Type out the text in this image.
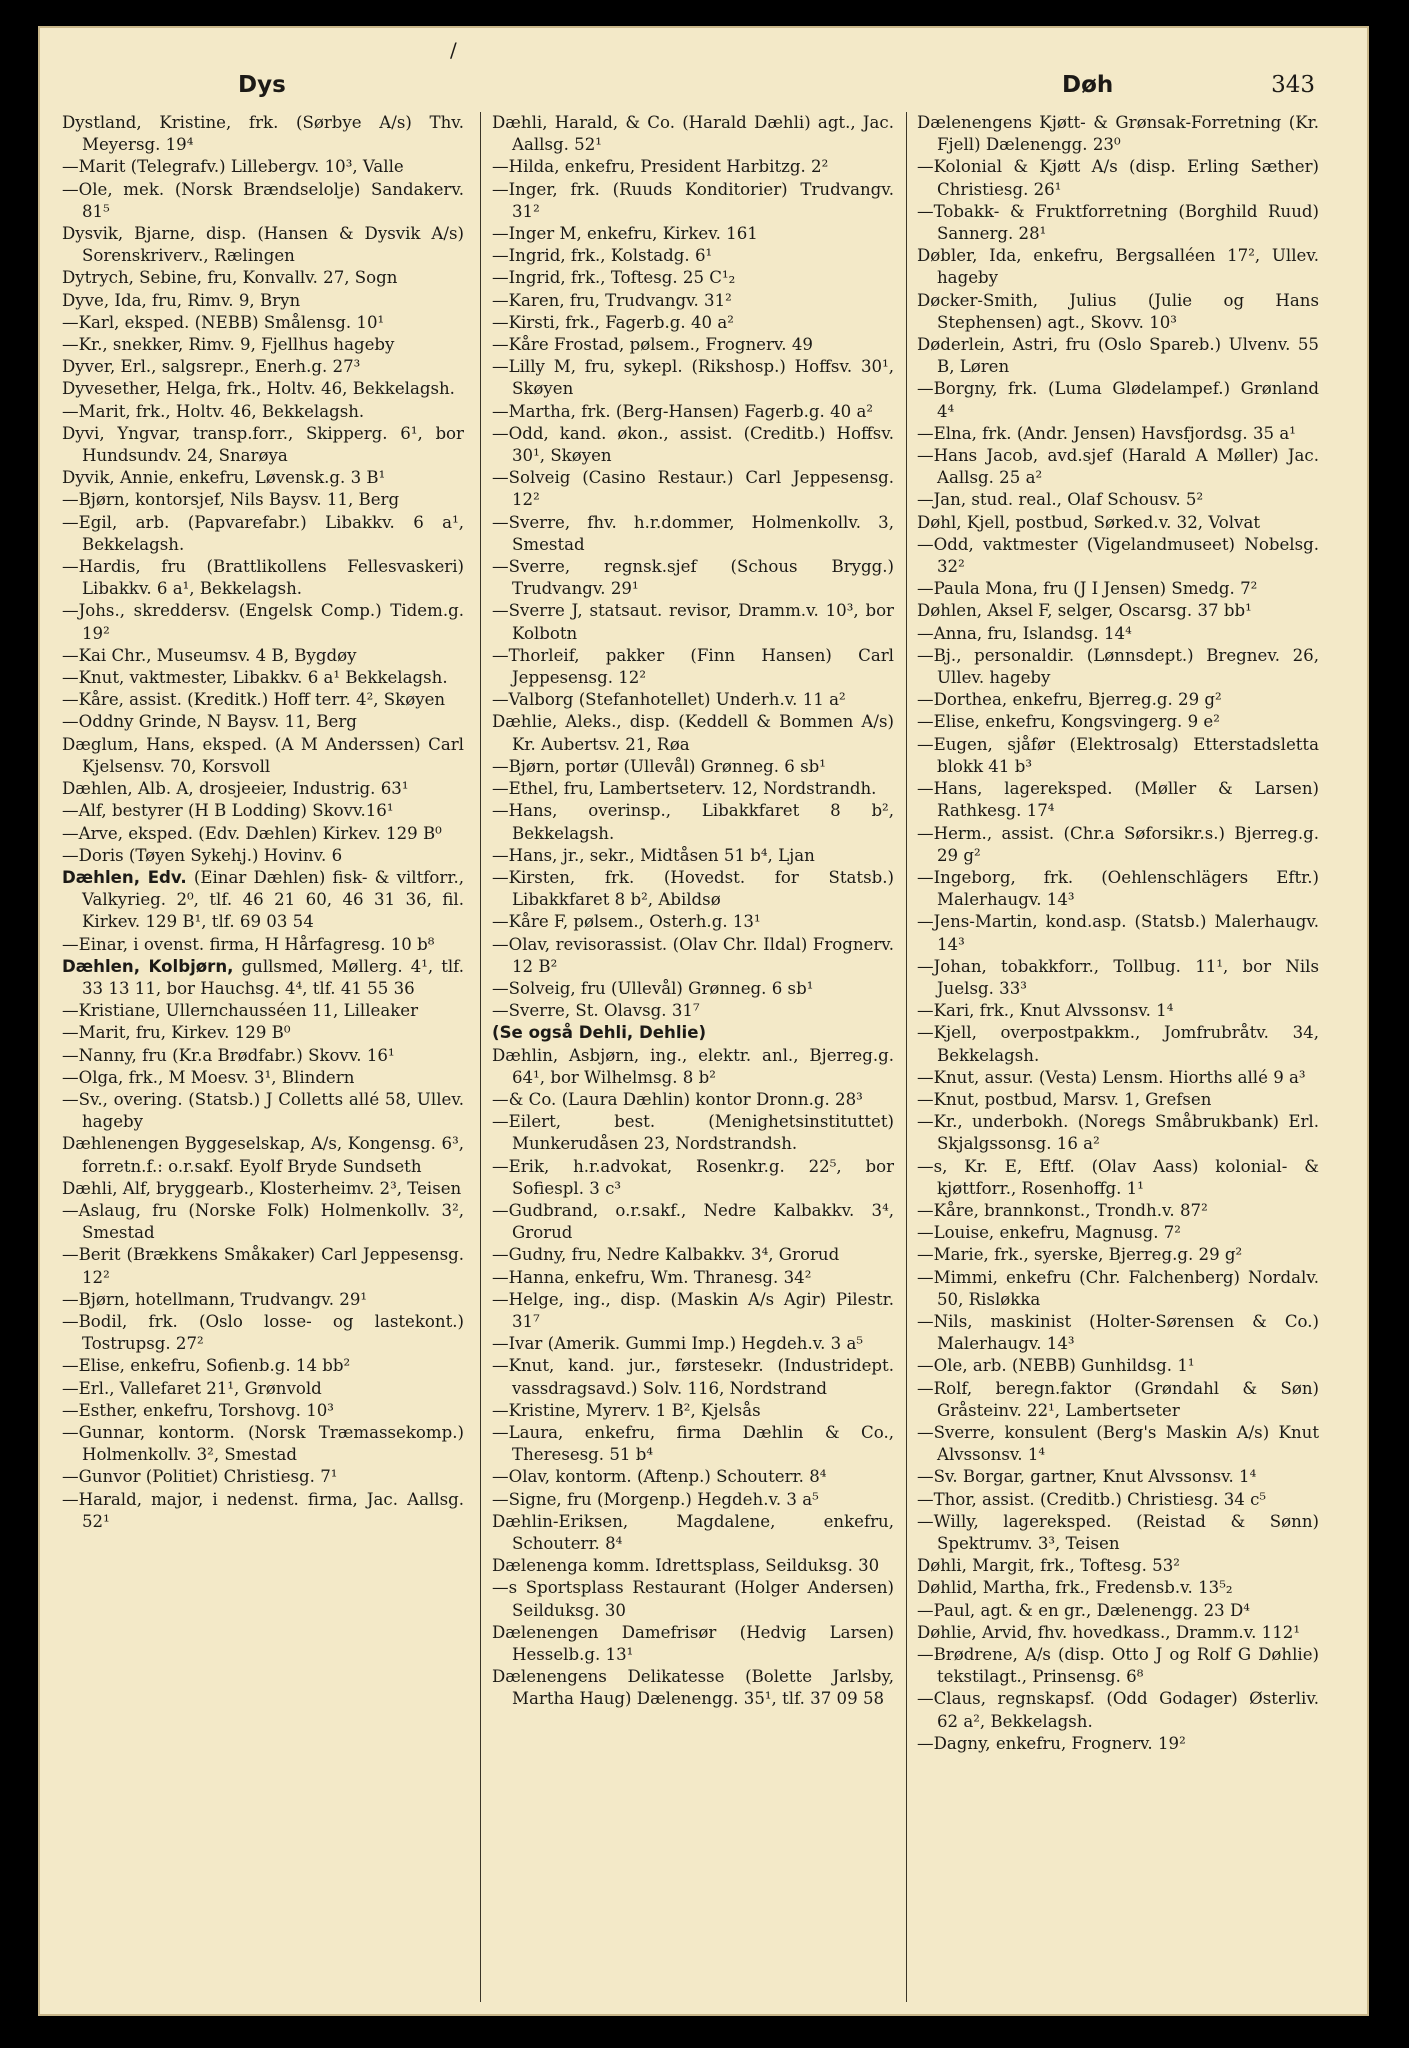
/
Dys	Døh	343
Dystland, Kristine, frk. (Sørbye A/s) Thv. Meyersg. 19⁴
—Marit (Telegrafv.) Lillebergv. 10³, Valle
—Ole, mek. (Norsk Brændselolje) Sandakerv. 81⁵
Dysvik, Bjarne, disp. (Hansen & Dysvik A/s) Sorenskriverv., Rælingen
Dytrych, Sebine, fru, Konvallv. 27, Sogn
Dyve, Ida, fru, Rimv. 9, Bryn
—Karl, eksped. (NEBB) Smålensg. 10¹
—Kr., snekker, Rimv. 9, Fjellhus hageby
Dyver, Erl., salgsrepr., Enerh.g. 27³
Dyvesether, Helga, frk., Holtv. 46, Bekkelagsh.
—Marit, frk., Holtv. 46, Bekkelagsh.
Dyvi, Yngvar, transp.forr., Skipperg. 6¹, bor Hundsundv. 24, Snarøya
Dyvik, Annie, enkefru, Løvensk.g. 3 B¹
—Bjørn, kontorsjef, Nils Baysv. 11, Berg
—Egil, arb. (Papvarefabr.) Libakkv. 6 a¹, Bekkelagsh.
—Hardis, fru (Brattlikollens Fellesvaskeri) Libakkv. 6 a¹, Bekkelagsh.
—Johs., skreddersv. (Engelsk Comp.) Tidem.g. 19²
—Kai Chr., Museumsv. 4 B, Bygdøy
—Knut, vaktmester, Libakkv. 6 a¹ Bekkelagsh.
—Kåre, assist. (Kreditk.) Hoff terr. 4², Skøyen
—Oddny Grinde, N Baysv. 11, Berg
Dæglum, Hans, eksped. (A M Anderssen) Carl Kjelsensv. 70, Korsvoll
Dæhlen, Alb. A, drosjeeier, Industrig. 63¹
—Alf, bestyrer (H B Lodding) Skovv.16¹
—Arve, eksped. (Edv. Dæhlen) Kirkev. 129 B⁰
—Doris (Tøyen Sykehj.) Hovinv. 6
Dæhlen, Edv. (Einar Dæhlen) fisk- & viltforr., Valkyrieg. 2⁰, tlf. 46 21 60, 46 31 36, fil. Kirkev. 129 B¹, tlf. 69 03 54
—Einar, i ovenst. firma, H Hårfagresg. 10 b⁸
Dæhlen, Kolbjørn, gullsmed, Møllerg. 4¹, tlf. 33 13 11, bor Hauchsg. 4⁴, tlf. 41 55 36
—Kristiane, Ullernchausséen 11, Lilleaker
—Marit, fru, Kirkev. 129 B⁰
—Nanny, fru (Kr.a Brødfabr.) Skovv. 16¹
—Olga, frk., M Moesv. 3¹, Blindern
—Sv., overing. (Statsb.) J Colletts allé 58, Ullev. hageby
Dæhlenengen Byggeselskap, A/s, Kongensg. 6³, forretn.f.: o.r.sakf. Eyolf Bryde Sundseth
Dæhli, Alf, bryggearb., Klosterheimv. 2³, Teisen
—Aslaug, fru (Norske Folk) Holmenkollv. 3², Smestad
—Berit (Brækkens Småkaker) Carl Jeppesensg. 12²
—Bjørn, hotellmann, Trudvangv. 29¹
—Bodil, frk. (Oslo losse- og lastekont.) Tostrupsg. 27²
—Elise, enkefru, Sofienb.g. 14 bb²
—Erl., Vallefaret 21¹, Grønvold
—Esther, enkefru, Torshovg. 10³
—Gunnar, kontorm. (Norsk Træmassekomp.) Holmenkollv. 3², Smestad
—Gunvor (Politiet) Christiesg. 7¹
—Harald, major, i nedenst. firma, Jac. Aallsg. 52¹
Dæhli, Harald, & Co. (Harald Dæhli) agt., Jac. Aallsg. 52¹
—Hilda, enkefru, President Harbitzg. 2²
—Inger, frk. (Ruuds Konditorier) Trudvangv. 31²
—Inger M, enkefru, Kirkev. 161
—Ingrid, frk., Kolstadg. 6¹
—Ingrid, frk., Toftesg. 25 C¹₂
—Karen, fru, Trudvangv. 31²
—Kirsti, frk., Fagerb.g. 40 a²
—Kåre Frostad, pølsem., Frognerv. 49
—Lilly M, fru, sykepl. (Rikshosp.) Hoffsv. 30¹, Skøyen
—Martha, frk. (Berg-Hansen) Fagerb.g. 40 a²
—Odd, kand. økon., assist. (Creditb.) Hoffsv. 30¹, Skøyen
—Solveig (Casino Restaur.) Carl Jeppesensg. 12²
—Sverre, fhv. h.r.dommer, Holmenkollv. 3, Smestad
—Sverre, regnsk.sjef (Schous Brygg.) Trudvangv. 29¹
—Sverre J, statsaut. revisor, Dramm.v. 10³, bor Kolbotn
—Thorleif, pakker (Finn Hansen) Carl Jeppesensg. 12²
—Valborg (Stefanhotellet) Underh.v. 11 a²
Dæhlie, Aleks., disp. (Keddell & Bommen A/s) Kr. Aubertsv. 21, Røa
—Bjørn, portør (Ullevål) Grønneg. 6 sb¹
—Ethel, fru, Lambertseterv. 12, Nordstrandh.
—Hans, overinsp., Libakkfaret 8 b², Bekkelagsh.
—Hans, jr., sekr., Midtåsen 51 b⁴, Ljan
—Kirsten, frk. (Hovedst. for Statsb.) Libakkfaret 8 b², Abildsø
—Kåre F, pølsem., Osterh.g. 13¹
—Olav, revisorassist. (Olav Chr. Ildal) Frognerv. 12 B²
—Solveig, fru (Ullevål) Grønneg. 6 sb¹
—Sverre, St. Olavsg. 31⁷
(Se også Dehli, Dehlie)
Dæhlin, Asbjørn, ing., elektr. anl., Bjerreg.g. 64¹, bor Wilhelmsg. 8 b²
—& Co. (Laura Dæhlin) kontor Dronn.g. 28³
—Eilert, best. (Menighetsinstituttet) Munkerudåsen 23, Nordstrandsh.
—Erik, h.r.advokat, Rosenkr.g. 22⁵, bor Sofiespl. 3 c³
—Gudbrand, o.r.sakf., Nedre Kalbakkv. 3⁴, Grorud
—Gudny, fru, Nedre Kalbakkv. 3⁴, Grorud
—Hanna, enkefru, Wm. Thranesg. 34²
—Helge, ing., disp. (Maskin A/s Agir) Pilestr. 31⁷
—Ivar (Amerik. Gummi Imp.) Hegdeh.v. 3 a⁵
—Knut, kand. jur., førstesekr. (Industridept. vassdragsavd.) Solv. 116, Nordstrand
—Kristine, Myrerv. 1 B², Kjelsås
—Laura, enkefru, firma Dæhlin & Co., Theresesg. 51 b⁴
—Olav, kontorm. (Aftenp.) Schouterr. 8⁴
—Signe, fru (Morgenp.) Hegdeh.v. 3 a⁵
Dæhlin-Eriksen, Magdalene, enkefru, Schouterr. 8⁴
Dælenenga komm. Idrettsplass, Seilduksg. 30
—s Sportsplass Restaurant (Holger Andersen) Seilduksg. 30
Dælenengen Damefrisør (Hedvig Larsen) Hesselb.g. 13¹
Dælenengens Delikatesse (Bolette Jarlsby, Martha Haug) Dælenengg. 35¹, tlf. 37 09 58
Dælenengens Kjøtt- & Grønsak-Forretning (Kr. Fjell) Dælenengg. 23⁰
—Kolonial & Kjøtt A/s (disp. Erling Sæther) Christiesg. 26¹
—Tobakk- & Fruktforretning (Borghild Ruud) Sannerg. 28¹
Døbler, Ida, enkefru, Bergsalléen 17², Ullev. hageby
Døcker-Smith, Julius (Julie og Hans Stephensen) agt., Skovv. 10³
Døderlein, Astri, fru (Oslo Spareb.) Ulvenv. 55 B, Løren
—Borgny, frk. (Luma Glødelampef.) Grønland 4⁴
—Elna, frk. (Andr. Jensen) Havsfjordsg. 35 a¹
—Hans Jacob, avd.sjef (Harald A Møller) Jac. Aallsg. 25 a²
—Jan, stud. real., Olaf Schousv. 5²
Døhl, Kjell, postbud, Sørked.v. 32, Volvat
—Odd, vaktmester (Vigelandmuseet) Nobelsg. 32²
—Paula Mona, fru (J I Jensen) Smedg. 7²
Døhlen, Aksel F, selger, Oscarsg. 37 bb¹
—Anna, fru, Islandsg. 14⁴
—Bj., personaldir. (Lønnsdept.) Bregnev. 26, Ullev. hageby
—Dorthea, enkefru, Bjerreg.g. 29 g²
—Elise, enkefru, Kongsvingerg. 9 e²
—Eugen, sjåfør (Elektrosalg) Etterstadsletta blokk 41 b³
—Hans, lagereksped. (Møller & Larsen) Rathkesg. 17⁴
—Herm., assist. (Chr.a Søforsikr.s.) Bjerreg.g. 29 g²
—Ingeborg, frk. (Oehlenschlägers Eftr.) Malerhaugv. 14³
—Jens-Martin, kond.asp. (Statsb.) Malerhaugv. 14³
—Johan, tobakkforr., Tollbug. 11¹, bor Nils Juelsg. 33³
—Kari, frk., Knut Alvssonsv. 1⁴
—Kjell, overpostpakkm., Jomfrubråtv. 34, Bekkelagsh.
—Knut, assur. (Vesta) Lensm. Hiorths allé 9 a³
—Knut, postbud, Marsv. 1, Grefsen
—Kr., underbokh. (Noregs Småbrukbank) Erl. Skjalgssonsg. 16 a²
—s, Kr. E, Eftf. (Olav Aass) kolonial- & kjøttforr., Rosenhoffg. 1¹
—Kåre, brannkonst., Trondh.v. 87²
—Louise, enkefru, Magnusg. 7²
—Marie, frk., syerske, Bjerreg.g. 29 g²
—Mimmi, enkefru (Chr. Falchenberg) Nordalv. 50, Risløkka
—Nils, maskinist (Holter-Sørensen & Co.) Malerhaugv. 14³
—Ole, arb. (NEBB) Gunhildsg. 1¹
—Rolf, beregn.faktor (Grøndahl & Søn) Gråsteinv. 22¹, Lambertseter
—Sverre, konsulent (Berg's Maskin A/s) Knut Alvssonsv. 1⁴
—Sv. Borgar, gartner, Knut Alvssonsv. 1⁴
—Thor, assist. (Creditb.) Christiesg. 34 c⁵
—Willy, lagereksped. (Reistad & Sønn) Spektrumv. 3³, Teisen
Døhli, Margit, frk., Toftesg. 53²
Døhlid, Martha, frk., Fredensb.v. 13⁵₂
—Paul, agt. & en gr., Dælenengg. 23 D⁴
Døhlie, Arvid, fhv. hovedkass., Dramm.v. 112¹
—Brødrene, A/s (disp. Otto J og Rolf G Døhlie) tekstilagt., Prinsensg. 6⁸
—Claus, regnskapsf. (Odd Godager) Østerliv. 62 a², Bekkelagsh.
—Dagny, enkefru, Frognerv. 19²
